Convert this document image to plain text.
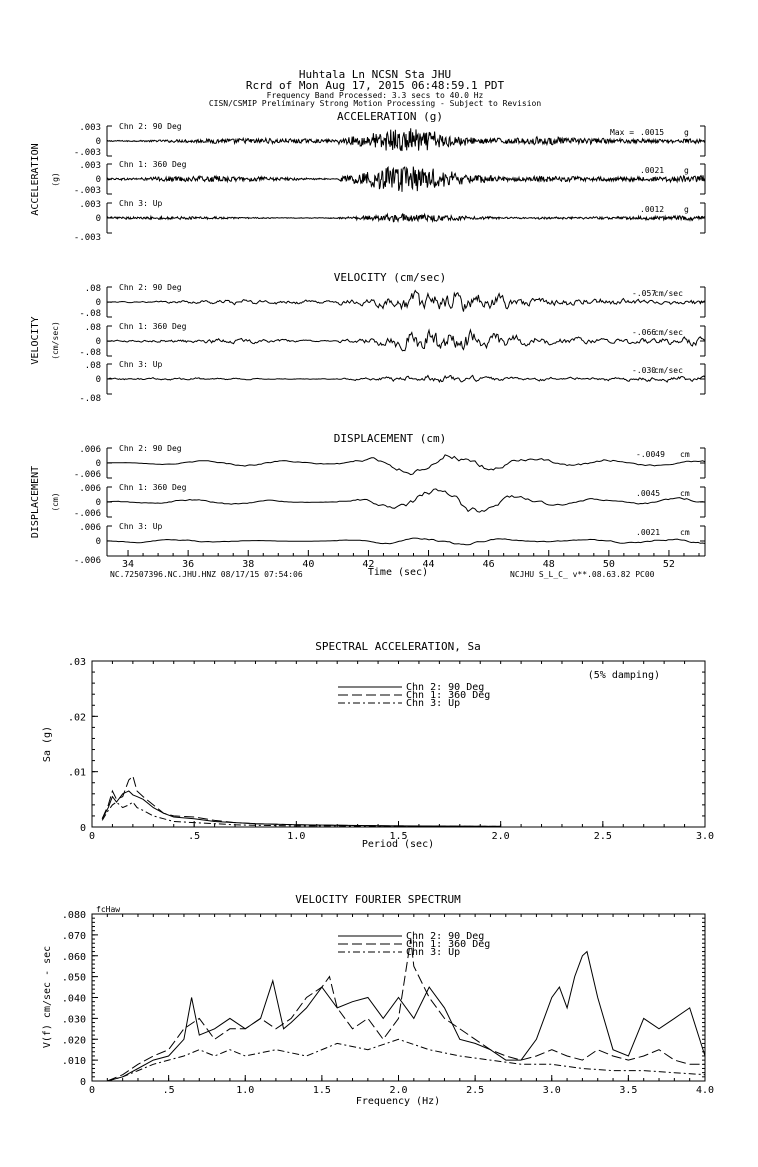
Huhtala Ln NCSN Sta JHU
Rcrd of Mon Aug 17, 2015 06:48:59.1 PDT
Frequency Band Processed: 3.3 secs to 40.0 Hz
CISN/CSMIP Preliminary Strong Motion Processing - Subject to Revision
ACCELERATION (g)
ACCELERATION (g)
.003
0
-.003
Chn 2: 90 Deg
Max = .0015 g
.003
0
-.003
Chn 1: 360 Deg
.0021 g
.003
0
-.003
Chn 3: Up
.0012 g
VELOCITY (cm/sec)
VELOCITY (cm/sec)
.08
0
-.08
Chn 2: 90 Deg
-.057
cm/sec
.08
0
-.08
Chn 1: 360 Deg
-.066
cm/sec
.08
0
-.08
Chn 3: Up
-.030
cm/sec
DISPLACEMENT (cm)
DISPLACEMENT (cm)
.006
0
-.006
Chn 2: 90 Deg
-.0049 cm
.006
0
-.006
Chn 1: 360 Deg
.0045 cm
.006
0
-.006
Chn 3: Up
.0021 cm
34	36	38	40	42	44	46	48	50	52
Time (sec)
NC.72507396.NC.JHU.HNZ 08/17/15 07:54:06	NCJHU S_L_C_ v**.08.63.82 PC00
SPECTRAL ACCELERATION, Sa
(5% damping)
0	.5	1.0	1.5	2.0	2.5	3.0
0
.01
.02
.03
Chn 2: 90 Deg
Chn 1: 360 Deg
Chn 3: Up
Period (sec)
Sa (g)
VELOCITY FOURIER SPECTRUM
fcHaw
0	.5	1.0	1.5	2.0	2.5	3.0	3.5	4.0
0
.010
.020
.030
.040
.050
.060
.070
.080
Chn 2: 90 Deg
Chn 1: 360 Deg
Chn 3: Up
Frequency (Hz)
V(f) cm/sec - sec
